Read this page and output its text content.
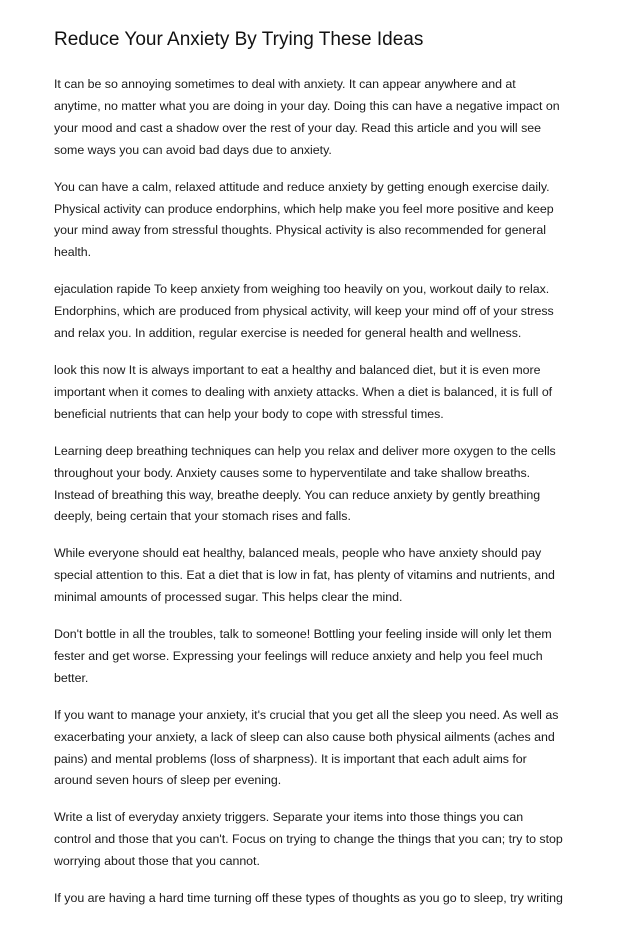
Reduce Your Anxiety By Trying These Ideas

It can be so annoying sometimes to deal with anxiety. It can appear anywhere and at
anytime, no matter what you are doing in your day. Doing this can have a negative impact on
your mood and cast a shadow over the rest of your day. Read this article and you will see
some ways you can avoid bad days due to anxiety.

You can have a calm, relaxed attitude and reduce anxiety by getting enough exercise daily.
Physical activity can produce endorphins, which help make you feel more positive and keep
your mind away from stressful thoughts. Physical activity is also recommended for general
health.

ejaculation rapide To keep anxiety from weighing too heavily on you, workout daily to relax.
Endorphins, which are produced from physical activity, will keep your mind off of your stress
and relax you. In addition, regular exercise is needed for general health and wellness.

look this now It is always important to eat a healthy and balanced diet, but it is even more
important when it comes to dealing with anxiety attacks. When a diet is balanced, it is full of
beneficial nutrients that can help your body to cope with stressful times.

Learning deep breathing techniques can help you relax and deliver more oxygen to the cells
throughout your body. Anxiety causes some to hyperventilate and take shallow breaths.
Instead of breathing this way, breathe deeply. You can reduce anxiety by gently breathing
deeply, being certain that your stomach rises and falls.

While everyone should eat healthy, balanced meals, people who have anxiety should pay
special attention to this. Eat a diet that is low in fat, has plenty of vitamins and nutrients, and
minimal amounts of processed sugar. This helps clear the mind.

Don't bottle in all the troubles, talk to someone! Bottling your feeling inside will only let them
fester and get worse. Expressing your feelings will reduce anxiety and help you feel much
better.

If you want to manage your anxiety, it's crucial that you get all the sleep you need. As well as
exacerbating your anxiety, a lack of sleep can also cause both physical ailments (aches and
pains) and mental problems (loss of sharpness). It is important that each adult aims for
around seven hours of sleep per evening.

Write a list of everyday anxiety triggers. Separate your items into those things you can
control and those that you can't. Focus on trying to change the things that you can; try to stop
worrying about those that you cannot.

If you are having a hard time turning off these types of thoughts as you go to sleep, try writing
